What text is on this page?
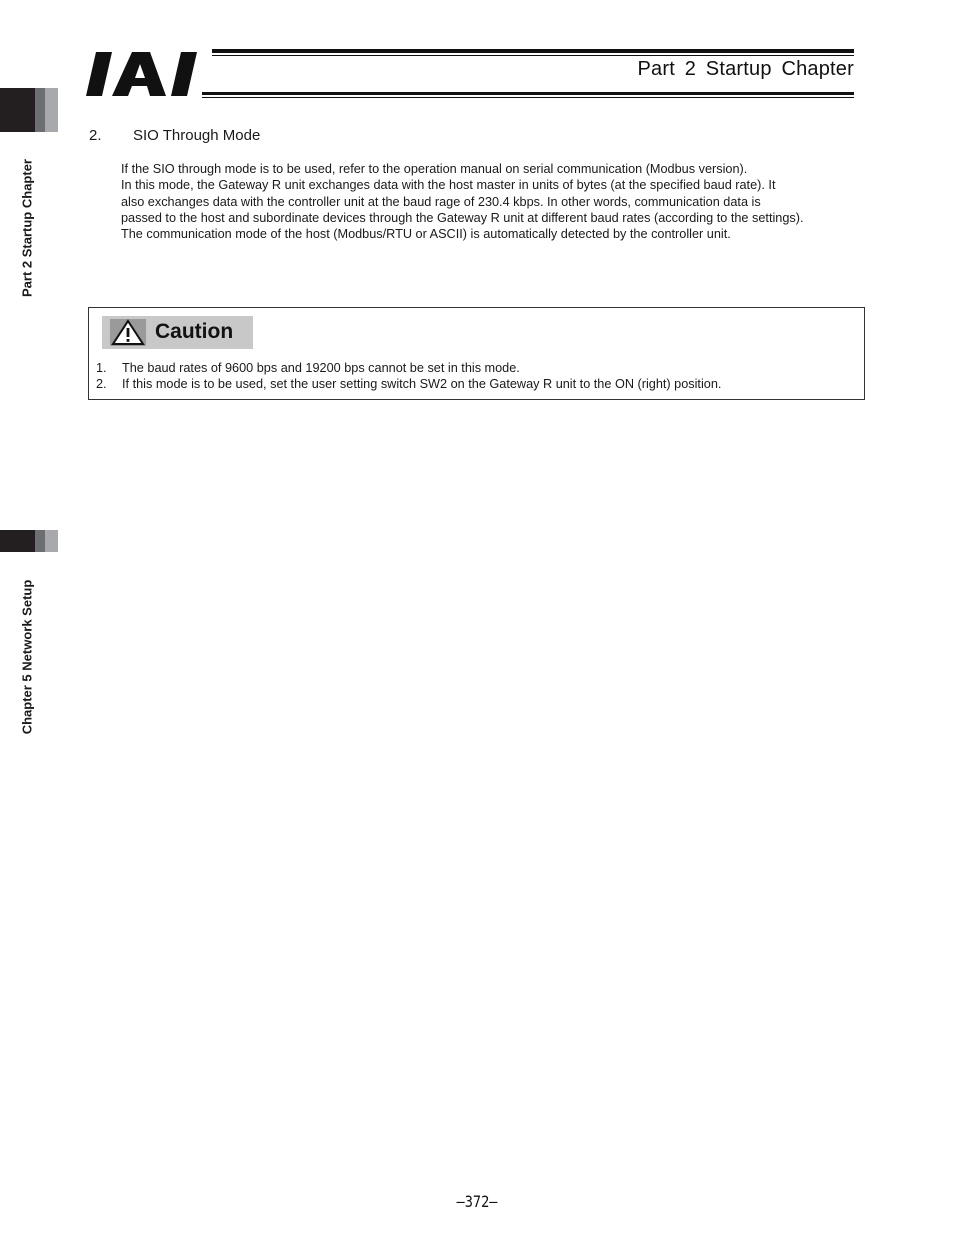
Part 2 Startup Chapter
Part 2 Startup Chapter
Chapter 5 Network Setup
2. SIO Through Mode
If the SIO through mode is to be used, refer to the operation manual on serial communication (Modbus version).
In this mode, the Gateway R unit exchanges data with the host master in units of bytes (at the specified baud rate). It
also exchanges data with the controller unit at the baud rage of 230.4 kbps. In other words, communication data is
passed to the host and subordinate devices through the Gateway R unit at different baud rates (according to the settings).
The communication mode of the host (Modbus/RTU or ASCII) is automatically detected by the controller unit.
Caution
1. The baud rates of 9600 bps and 19200 bps cannot be set in this mode.
2. If this mode is to be used, set the user setting switch SW2 on the Gateway R unit to the ON (right) position.
–372–
